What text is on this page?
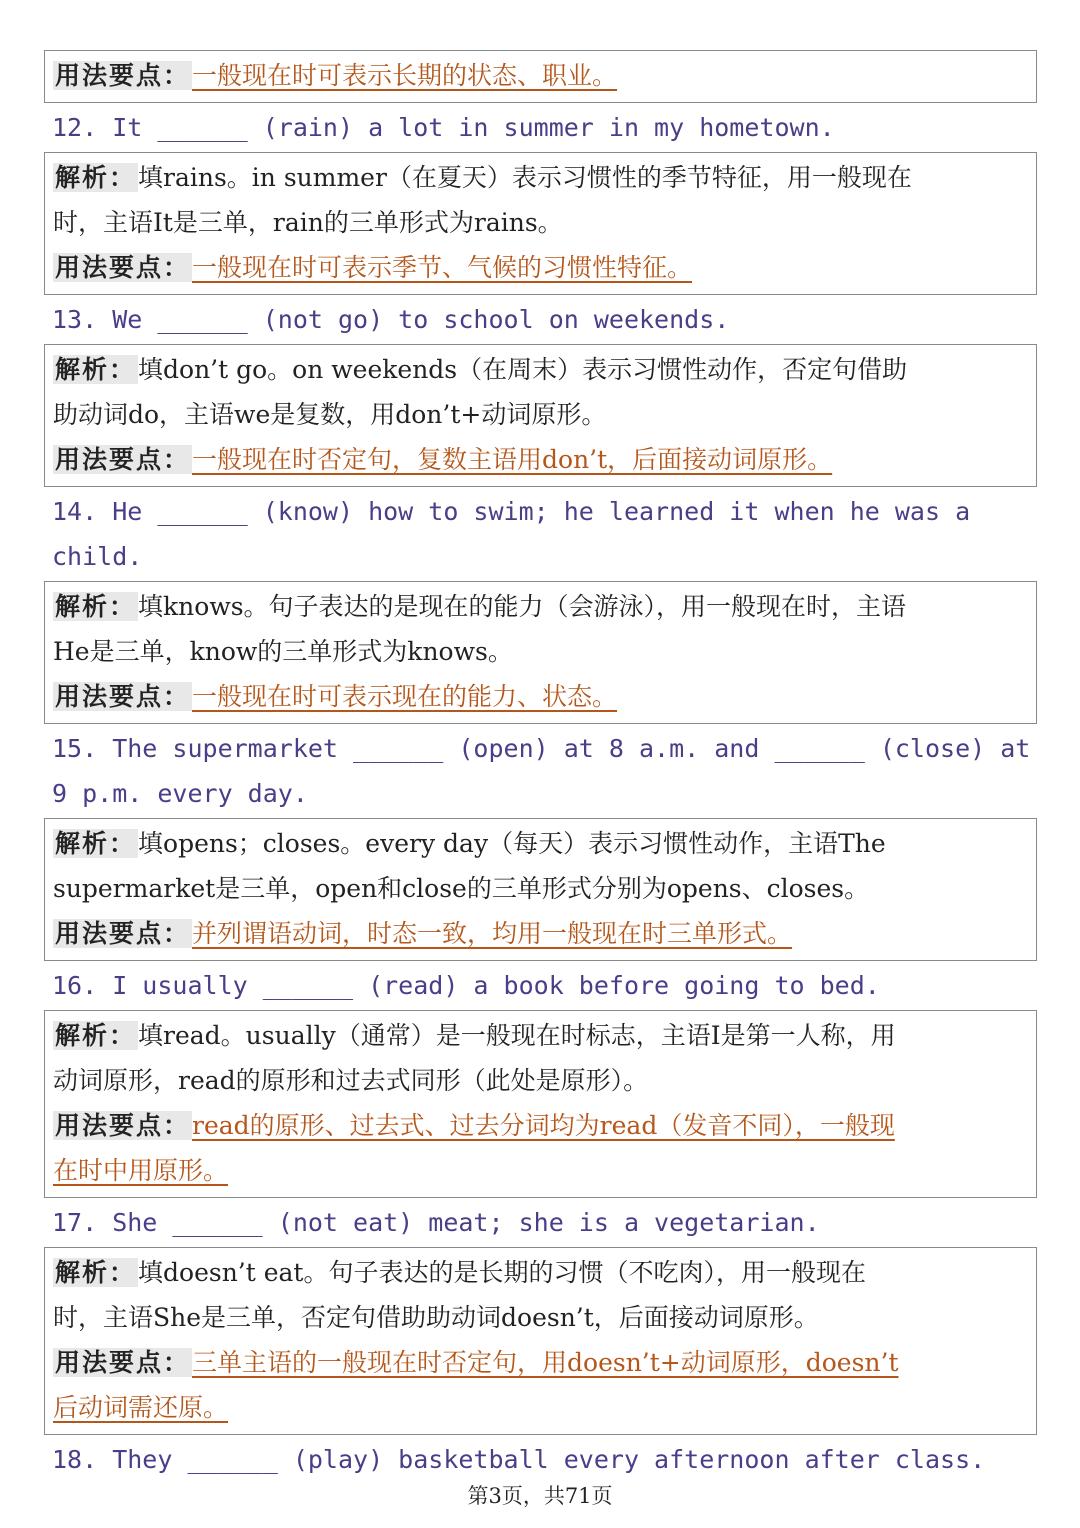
用法要点：一般现在时可表示长期的状态、职业。
12. It ______ (rain) a lot in summer in my hometown.
解析：填rains。in summer（在夏天）表示习惯性的季节特征，用一般现在
时，主语It是三单，rain的三单形式为rains。
用法要点：一般现在时可表示季节、气候的习惯性特征。
13. We ______ (not go) to school on weekends.
解析：填don’t go。on weekends（在周末）表示习惯性动作，否定句借助
助动词do，主语we是复数，用don’t+动词原形。
用法要点：一般现在时否定句，复数主语用don’t，后面接动词原形。
14. He ______ (know) how to swim; he learned it when he was a
child.
解析：填knows。句子表达的是现在的能力（会游泳），用一般现在时，主语
He是三单，know的三单形式为knows。
用法要点：一般现在时可表示现在的能力、状态。
15. The supermarket ______ (open) at 8 a.m. and ______ (close) at
9 p.m. every day.
解析：填opens；closes。every day（每天）表示习惯性动作，主语The
supermarket是三单，open和close的三单形式分别为opens、closes。
用法要点：并列谓语动词，时态一致，均用一般现在时三单形式。
16. I usually ______ (read) a book before going to bed.
解析：填read。usually（通常）是一般现在时标志，主语I是第一人称，用
动词原形，read的原形和过去式同形（此处是原形）。
用法要点：read的原形、过去式、过去分词均为read（发音不同），一般现
在时中用原形。
17. She ______ (not eat) meat; she is a vegetarian.
解析：填doesn’t eat。句子表达的是长期的习惯（不吃肉），用一般现在
时，主语She是三单，否定句借助助动词doesn’t，后面接动词原形。
用法要点：三单主语的一般现在时否定句，用doesn’t+动词原形，doesn’t
后动词需还原。
18. They ______ (play) basketball every afternoon after class.
第3页，共71页
